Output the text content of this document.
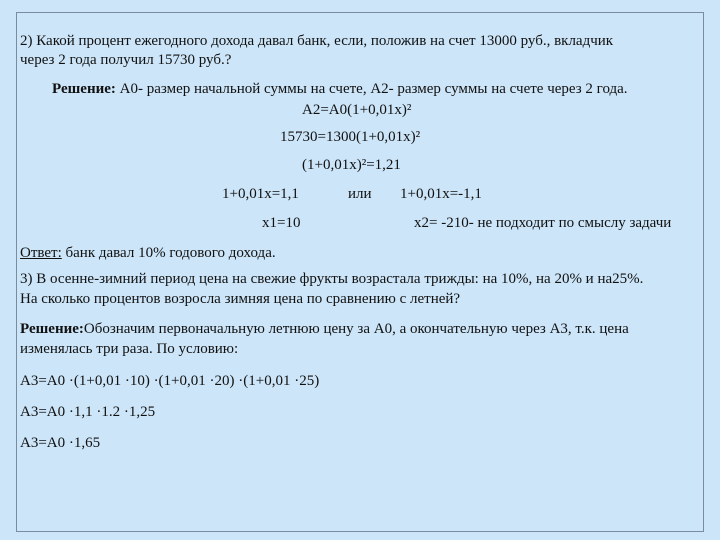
2) Какой процент ежегодного дохода давал банк, если, положив на счет 13000 руб., вкладчик
через 2 года получил 15730 руб.?
Решение: A0- размер начальной суммы на счете, A2- размер суммы на счете через 2 года.
A2=A0(1+0,01x)²
15730=1300(1+0,01x)²
(1+0,01x)²=1,21
1+0,01x=1,1	или 1+0,01x=-1,1
x1=10	x2= -210- не подходит по смыслу задачи
Ответ: банк давал 10% годового дохода.
3) В осенне-зимний период цена на свежие фрукты возрастала трижды: на 10%, на 20% и на25%.
На сколько процентов возросла зимняя цена по сравнению с летней?
Решение:Обозначим первоначальную летнюю цену за A0, а окончательную через A3, т.к. цена
изменялась три раза. По условию:
A3=A0 ·(1+0,01 ·10) ·(1+0,01 ·20) ·(1+0,01 ·25)
A3=A0 ·1,1 ·1.2 ·1,25
A3=A0 ·1,65
